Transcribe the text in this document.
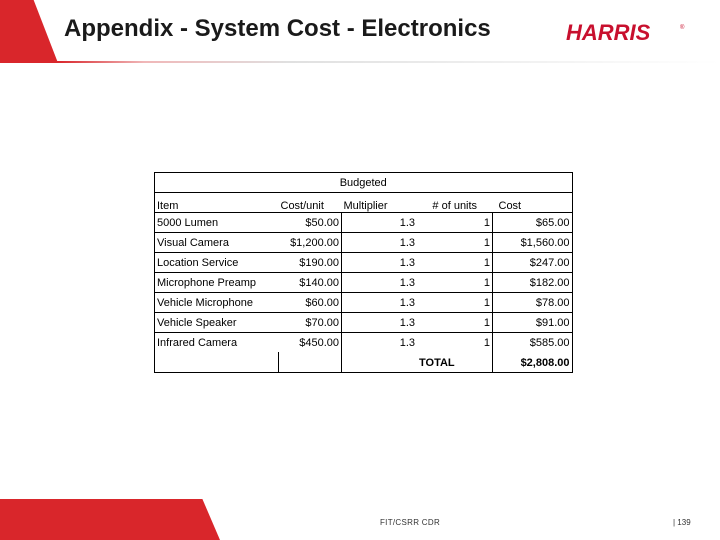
Appendix - System Cost - Electronics	HARRIS	®
Budgeted				
Item	Cost/unit	Multiplier	# of units	Cost
5000 Lumen	$50.00	1.3	1	$65.00
Visual Camera	$1,200.00	1.3	1	$1,560.00
Location Service	$190.00	1.3	1	$247.00
Microphone Preamp	$140.00	1.3	1	$182.00
Vehicle Microphone	$60.00	1.3	1	$78.00
Vehicle Speaker	$70.00	1.3	1	$91.00
Infrared Camera	$450.00	1.3	1	$585.00
			TOTAL	$2,808.00
FIT/CSRR CDR	| 139
